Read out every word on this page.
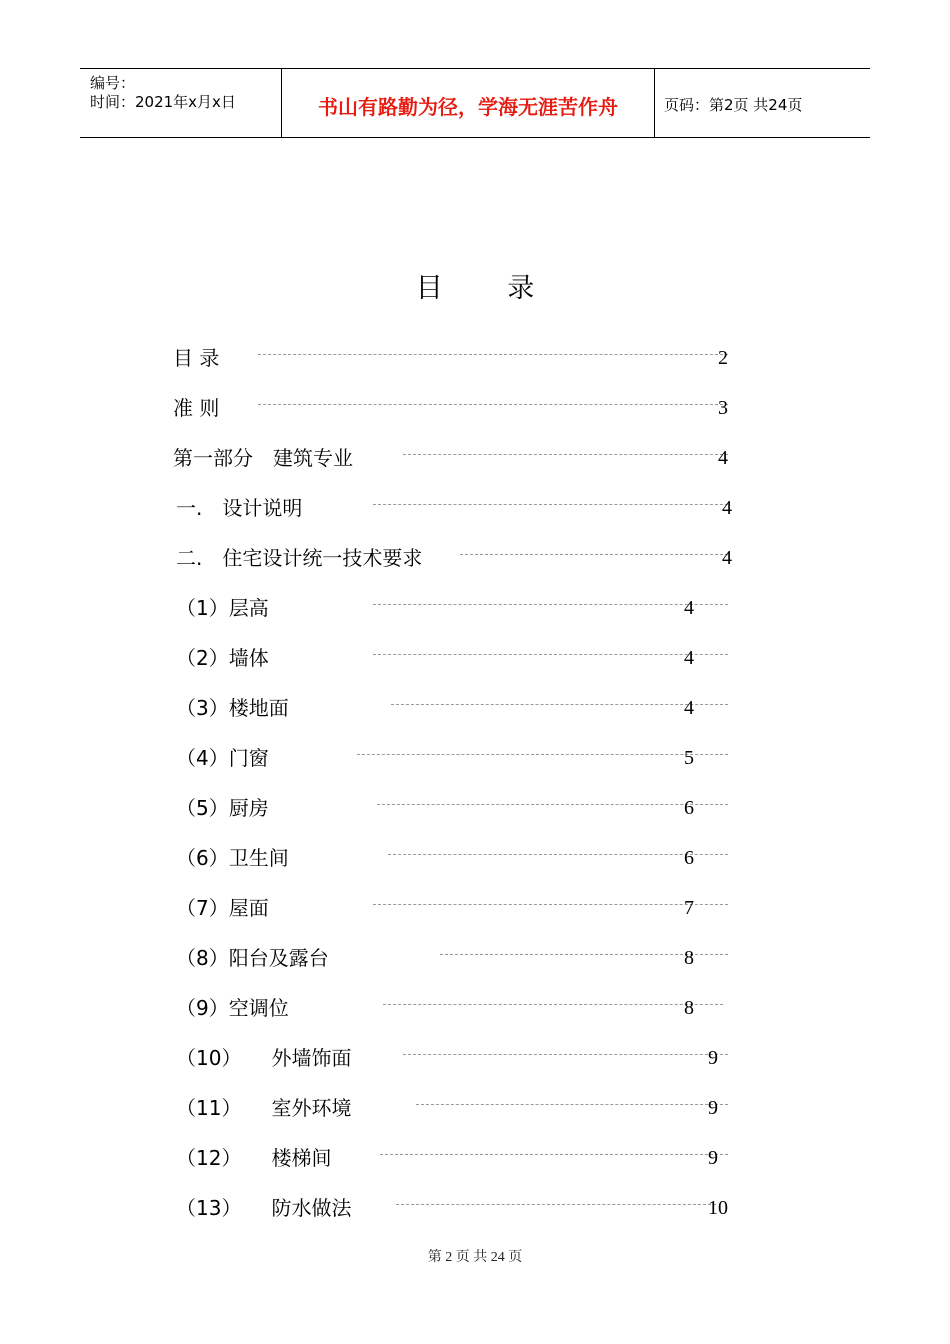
编号：
时间：2021年x月x日	书山有路勤为径，学海无涯苦作舟	页码：第2页 共24页
目 录
目 录	2
准 则	3
第一部分　建筑专业	4
一.　设计说明	4
二.　住宅设计统一技术要求	4
（1）层高	4
（2）墙体	4
（3）楼地面	4
（4）门窗	5
（5）厨房	6
（6）卫生间	6
（7）屋面	7
（8）阳台及露台	8
（9）空调位	8
（10）　　外墙饰面	9
（11）　　室外环境	9
（12）　　楼梯间	9
（13）　　防水做法	10
第 2 页 共 24 页
